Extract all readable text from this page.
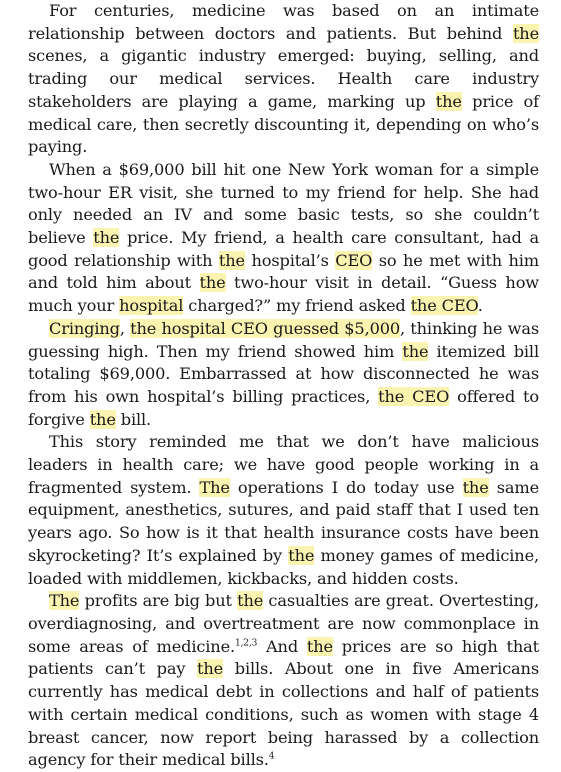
For centuries, medicine was based on an intimate relationship between doctors and patients. But behind the scenes, a gigantic industry emerged: buying, selling, and trading our medical services. Health care industry stakeholders are playing a game, marking up the price of medical care, then secretly discounting it, depending on who’s paying.

When a $69,000 bill hit one New York woman for a simple two-hour ER visit, she turned to my friend for help. She had only needed an IV and some basic tests, so she couldn’t believe the price. My friend, a health care consultant, had a good relationship with the hospital’s CEO so he met with him and told him about the two-hour visit in detail. “Guess how much your hospital charged?” my friend asked the CEO.

Cringing, the hospital CEO guessed $5,000, thinking he was guessing high. Then my friend showed him the itemized bill totaling $69,000. Embarrassed at how disconnected he was from his own hospital’s billing practices, the CEO offered to forgive the bill.

This story reminded me that we don’t have malicious leaders in health care; we have good people working in a fragmented system. The operations I do today use the same equipment, anesthetics, sutures, and paid staff that I used ten years ago. So how is it that health insurance costs have been skyrocketing? It’s explained by the money games of medicine, loaded with middlemen, kickbacks, and hidden costs.

The profits are big but the casualties are great. Overtesting, overdiagnosing, and overtreatment are now commonplace in some areas of medicine.$^{1,2,3}$ And the prices are so high that patients can’t pay the bills. About one in five Americans currently has medical debt in collections and half of patients with certain medical conditions, such as women with stage 4 breast cancer, now report being harassed by a collection agency for their medical bills.$^4$
